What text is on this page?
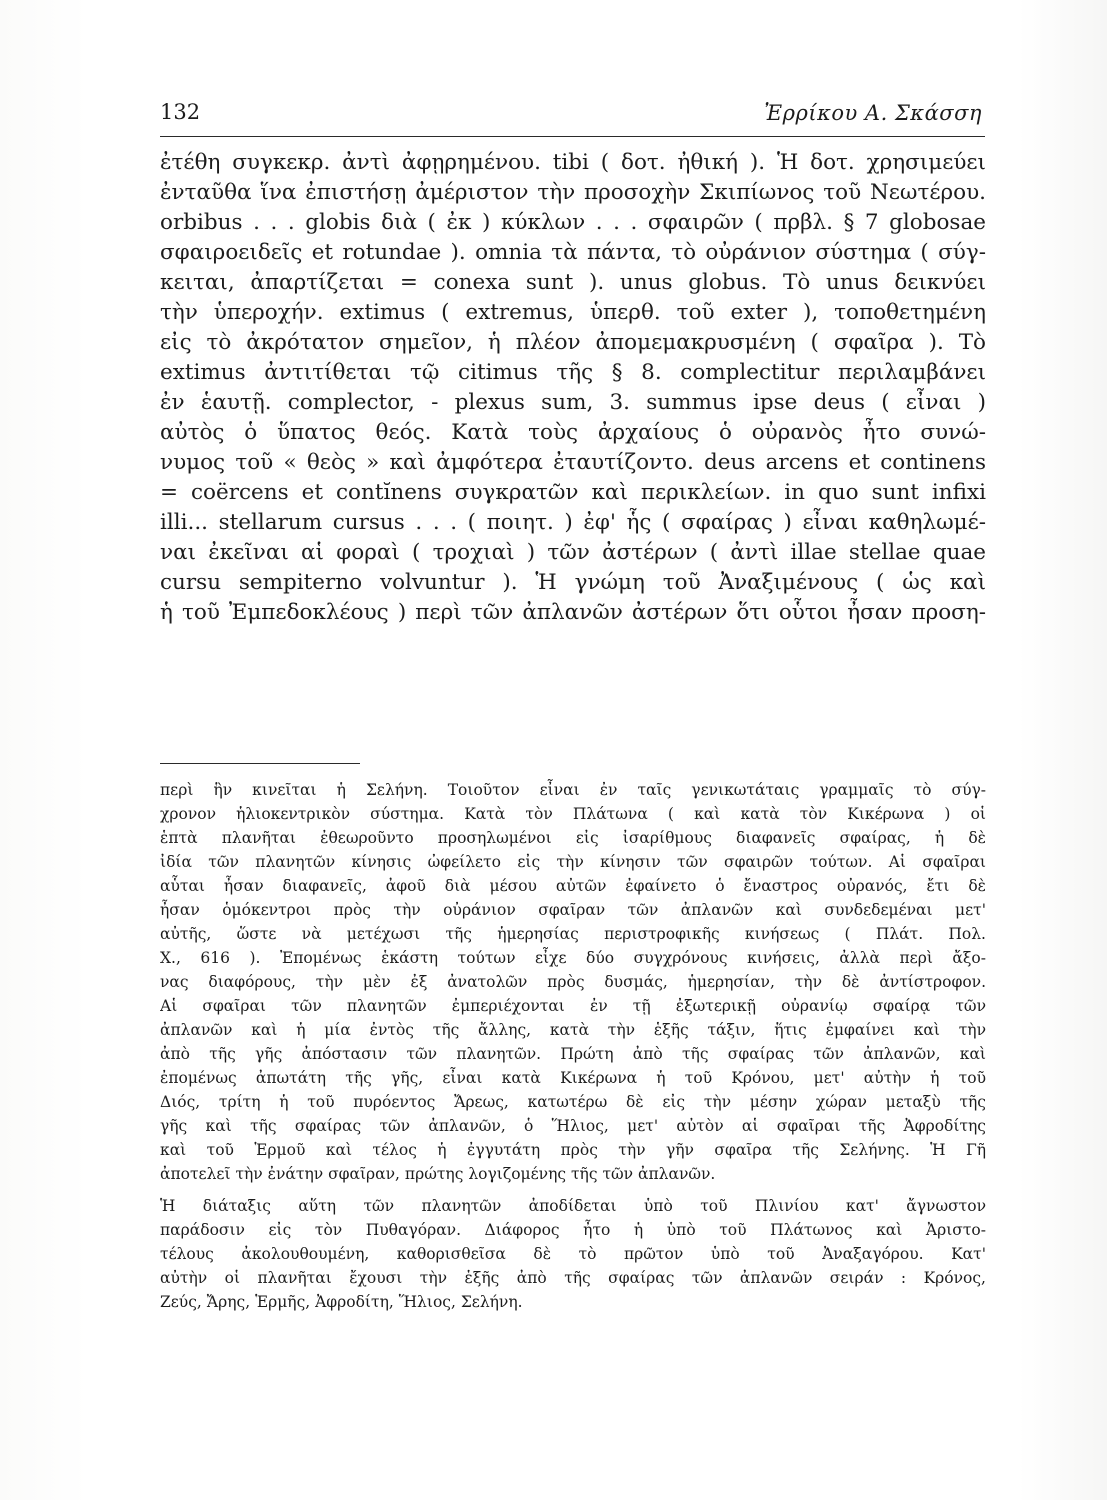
132	Ἐρρίκου Α. Σκάσση
ἐτέθη συγκεκρ. ἀντὶ ἀφῃρημένου. tibi ( δοτ. ἠθική ). Ἡ δοτ. χρησιμεύει
ἐνταῦθα ἵνα ἐπιστήσῃ ἀμέριστον τὴν προσοχὴν Σκιπίωνος τοῦ Νεωτέρου.
orbibus . . . globis διὰ ( ἐκ ) κύκλων . . . σφαιρῶν ( πρβλ. § 7 globosae
σφαιροειδεῖς et rotundae ). omnia τὰ πάντα, τὸ οὐράνιον σύστημα ( σύγ-
κειται, ἀπαρτίζεται = conexa sunt ). unus globus. Τὸ unus δεικνύει
τὴν ὑπεροχήν. extimus ( extremus, ὑπερθ. τοῦ exter ), τοποθετημένη
εἰς τὸ ἀκρότατον σημεῖον, ἡ πλέον ἀπομεμακρυσμένη ( σφαῖρα ). Τὸ
extimus ἀντιτίθεται τῷ citimus τῆς § 8. complectitur περιλαμβάνει
ἐν ἑαυτῇ. complector, - plexus sum, 3. summus ipse deus ( εἶναι )
αὐτὸς ὁ ὕπατος θεός. Κατὰ τοὺς ἀρχαίους ὁ οὐρανὸς ἦτο συνώ-
νυμος τοῦ « θεὸς » καὶ ἀμφότερα ἐταυτίζοντο. deus arcens et continens
= coërcens et contĭnens συγκρατῶν καὶ περικλείων. in quo sunt infixi
illi... stellarum cursus . . . ( ποιητ. ) ἐφ' ἧς ( σφαίρας ) εἶναι καθηλωμέ-
ναι ἐκεῖναι αἱ φοραὶ ( τροχιαὶ ) τῶν ἀστέρων ( ἀντὶ illae stellae quae
cursu sempiterno volvuntur ). Ἡ γνώμη τοῦ Ἀναξιμένους ( ὡς καὶ
ἡ τοῦ Ἐμπεδοκλέους ) περὶ τῶν ἀπλανῶν ἀστέρων ὅτι οὗτοι ἦσαν προση-
περὶ ἣν κινεῖται ἡ Σελήνη. Τοιοῦτον εἶναι ἐν ταῖς γενικωτάταις γραμμαῖς τὸ σύγ-
χρονον ἡλιοκεντρικὸν σύστημα. Κατὰ τὸν Πλάτωνα ( καὶ κατὰ τὸν Κικέρωνα ) οἱ
ἑπτὰ πλανῆται ἐθεωροῦντο προσηλωμένοι εἰς ἰσαρίθμους διαφανεῖς σφαίρας, ἡ δὲ
ἰδία τῶν πλανητῶν κίνησις ὠφείλετο εἰς τὴν κίνησιν τῶν σφαιρῶν τούτων. Αἱ σφαῖραι
αὗται ἦσαν διαφανεῖς, ἀφοῦ διὰ μέσου αὐτῶν ἐφαίνετο ὁ ἔναστρος οὐρανός, ἔτι δὲ
ἦσαν ὁμόκεντροι πρὸς τὴν οὐράνιον σφαῖραν τῶν ἀπλανῶν καὶ συνδεδεμέναι μετ'
αὐτῆς, ὥστε νὰ μετέχωσι τῆς ἡμερησίας περιστροφικῆς κινήσεως ( Πλάτ. Πολ.
X., 616 ). Ἐπομένως ἑκάστη τούτων εἶχε δύο συγχρόνους κινήσεις, ἀλλὰ περὶ ἄξο-
νας διαφόρους, τὴν μὲν ἐξ ἀνατολῶν πρὸς δυσμάς, ἡμερησίαν, τὴν δὲ ἀντίστροφον.
Αἱ σφαῖραι τῶν πλανητῶν ἐμπεριέχονται ἐν τῇ ἐξωτερικῇ οὐρανίῳ σφαίρᾳ τῶν
ἀπλανῶν καὶ ἡ μία ἐντὸς τῆς ἄλλης, κατὰ τὴν ἑξῆς τάξιν, ἥτις ἐμφαίνει καὶ τὴν
ἀπὸ τῆς γῆς ἀπόστασιν τῶν πλανητῶν. Πρώτη ἀπὸ τῆς σφαίρας τῶν ἀπλανῶν, καὶ
ἐπομένως ἀπωτάτη τῆς γῆς, εἶναι κατὰ Κικέρωνα ἡ τοῦ Κρόνου, μετ' αὐτὴν ἡ τοῦ
Διός, τρίτη ἡ τοῦ πυρόεντος Ἄρεως, κατωτέρω δὲ εἰς τὴν μέσην χώραν μεταξὺ τῆς
γῆς καὶ τῆς σφαίρας τῶν ἀπλανῶν, ὁ Ἥλιος, μετ' αὐτὸν αἱ σφαῖραι τῆς Ἀφροδίτης
καὶ τοῦ Ἑρμοῦ καὶ τέλος ἡ ἐγγυτάτη πρὸς τὴν γῆν σφαῖρα τῆς Σελήνης. Ἡ Γῆ
ἀποτελεῖ τὴν ἐνάτην σφαῖραν, πρώτης λογιζομένης τῆς τῶν ἀπλανῶν.
Ἡ διάταξις αὕτη τῶν πλανητῶν ἀποδίδεται ὑπὸ τοῦ Πλινίου κατ' ἄγνωστον
παράδοσιν εἰς τὸν Πυθαγόραν. Διάφορος ἦτο ἡ ὑπὸ τοῦ Πλάτωνος καὶ Ἀριστο-
τέλους ἀκολουθουμένη, καθορισθεῖσα δὲ τὸ πρῶτον ὑπὸ τοῦ Ἀναξαγόρου. Κατ'
αὐτὴν οἱ πλανῆται ἔχουσι τὴν ἑξῆς ἀπὸ τῆς σφαίρας τῶν ἀπλανῶν σειράν : Κρόνος,
Ζεύς, Ἄρης, Ἑρμῆς, Ἀφροδίτη, Ἥλιος, Σελήνη.
